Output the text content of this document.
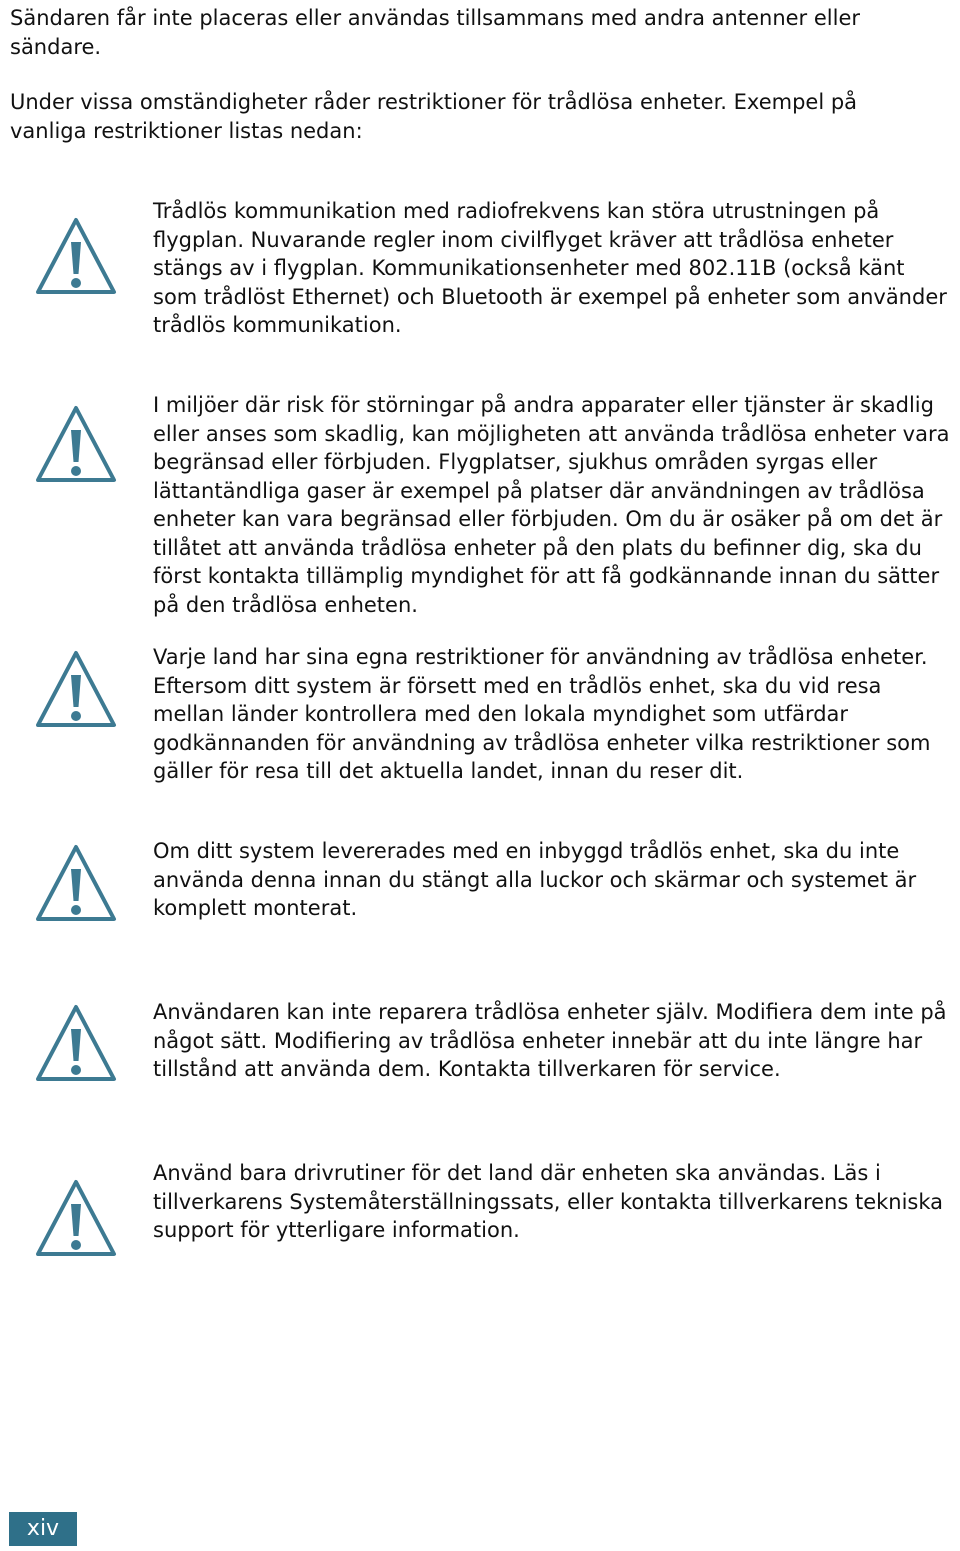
Sändaren får inte placeras eller användas tillsammans med andra antenner eller sändare.

Under vissa omständigheter råder restriktioner för trådlösa enheter. Exempel på vanliga restriktioner listas nedan:

Trådlös kommunikation med radiofrekvens kan störa utrustningen på flygplan. Nuvarande regler inom civilflyget kräver att trådlösa enheter stängs av i flygplan. Kommunikationsenheter med 802.11B (också känt som trådlöst Ethernet) och Bluetooth är exempel på enheter som använder trådlös kommunikation.

I miljöer där risk för störningar på andra apparater eller tjänster är skadlig eller anses som skadlig, kan möjligheten att använda trådlösa enheter vara begränsad eller förbjuden. Flygplatser, sjukhus områden syrgas eller lättantändliga gaser är exempel på platser där användningen av trådlösa enheter kan vara begränsad eller förbjuden. Om du är osäker på om det är tillåtet att använda trådlösa enheter på den plats du befinner dig, ska du först kontakta tillämplig myndighet för att få godkännande innan du sätter på den trådlösa enheten.

Varje land har sina egna restriktioner för användning av trådlösa enheter. Eftersom ditt system är försett med en trådlös enhet, ska du vid resa mellan länder kontrollera med den lokala myndighet som utfärdar godkännanden för användning av trådlösa enheter vilka restriktioner som gäller för resa till det aktuella landet, innan du reser dit.

Om ditt system levererades med en inbyggd trådlös enhet, ska du inte använda denna innan du stängt alla luckor och skärmar och systemet är komplett monterat.

Användaren kan inte reparera trådlösa enheter själv. Modifiera dem inte på något sätt. Modifiering av trådlösa enheter innebär att du inte längre har tillstånd att använda dem. Kontakta tillverkaren för service.

Använd bara drivrutiner för det land där enheten ska användas. Läs i tillverkarens Systemåterställningssats, eller kontakta tillverkarens tekniska support för ytterligare information.

xiv
